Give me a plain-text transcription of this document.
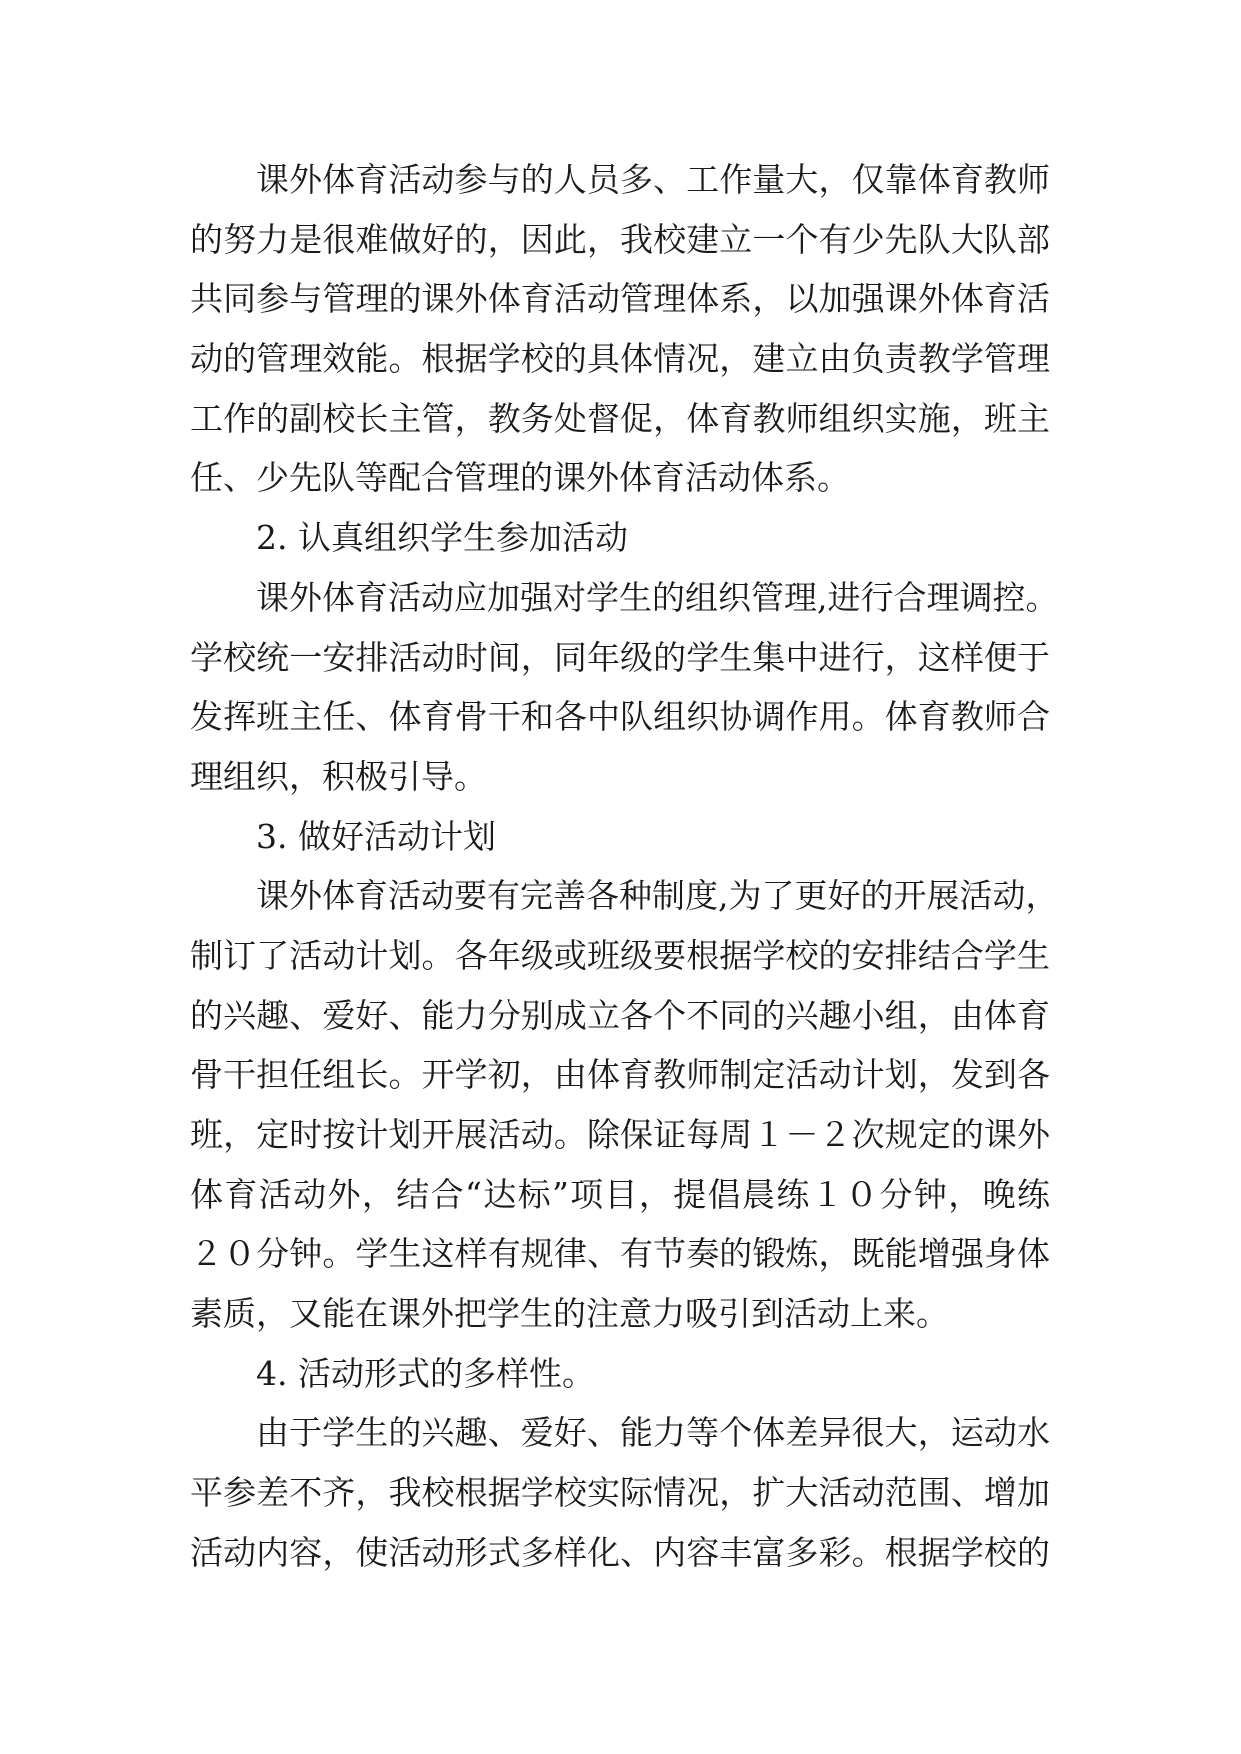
课外体育活动参与的人员多、工作量大，仅靠体育教师
的努力是很难做好的，因此，我校建立一个有少先队大队部
共同参与管理的课外体育活动管理体系，以加强课外体育活
动的管理效能。根据学校的具体情况，建立由负责教学管理
工作的副校长主管，教务处督促，体育教师组织实施，班主
任、少先队等配合管理的课外体育活动体系。
2. 认真组织学生参加活动
课外体育活动应加强对学生的组织管理,进行合理调控。
学校统一安排活动时间，同年级的学生集中进行，这样便于
发挥班主任、体育骨干和各中队组织协调作用。体育教师合
理组织，积极引导。
3. 做好活动计划
课外体育活动要有完善各种制度,为了更好的开展活动，
制订了活动计划。各年级或班级要根据学校的安排结合学生
的兴趣、爱好、能力分别成立各个不同的兴趣小组，由体育
骨干担任组长。开学初，由体育教师制定活动计划，发到各
班，定时按计划开展活动。除保证每周１－２次规定的课外
体育活动外，结合“达标”项目，提倡晨练１０分钟，晚练
２０分钟。学生这样有规律、有节奏的锻炼，既能增强身体
素质，又能在课外把学生的注意力吸引到活动上来。
4. 活动形式的多样性。
由于学生的兴趣、爱好、能力等个体差异很大，运动水
平参差不齐，我校根据学校实际情况，扩大活动范围、增加
活动内容，使活动形式多样化、内容丰富多彩。根据学校的
